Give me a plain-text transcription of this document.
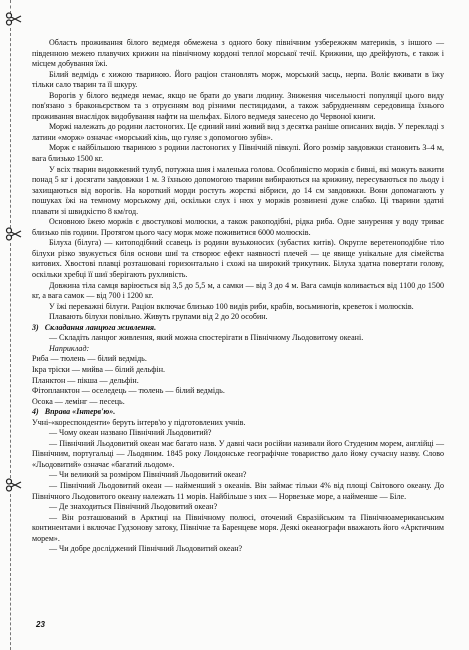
Область проживання білого ведмедя обмежена з одного боку північним узбережжям материків, з іншого — південною межею плавучих крижин на північному кордоні теплої морської течії. Крижини, що дрейфують, є також і місцем добування їжі.

Білий ведмідь є хижою твариною. Його раціон становлять морж, морський заєць, нерпа. Воліє вживати в їжу тільки сало тварин та її шкуру.

Ворогів у білого ведмедя немає, якщо не брати до уваги людину. Зниження чисельності популяції цього виду пов'язано з браконьєрством та з отруєнням вод різними пестицидами, а також забрудненням середовища їхнього проживання внаслідок видобування нафти на шельфах. Білого ведмедя занесено до Червоної книги.

Моржі належать до родини ластоногих. Це єдиний нині живий вид з десятка раніше описаних видів. У перекладі з латини «морж» означає «морський кінь, що гуляє з допомогою зубів».

Морж є найбільшою твариною з родини ластоногих у Північній півкулі. Його розмір завдовжки становить 3–4 м, вага близько 1500 кг.

У всіх тварин видовжений тулуб, потужна шия і маленька голова. Особливістю моржів є бивні, які можуть важити понад 5 кг і досягати завдовжки 1 м. З їхньою допомогою тварини вибираються на крижину, пересуваються по льоду і захищаються від ворогів. На короткий морди ростуть жорсткі вібриси, до 14 см завдовжки. Вони допомагають у пошуках їжі на темному морському дні, оскільки слух і нюх у моржів розвинені дуже слабко. Ці тварини здатні плавати зі швидкістю 8 км/год.

Основною їжею моржів є двостулкові молюски, а також ракоподібні, рідка риба. Одне занурення у воду триває близько пів години. Протягом цього часу морж може поживитися 6000 молюсків.

Білуха (білуга) — китоподібний ссавець із родини вузьконосих (зубастих китів). Округле веретеноподібне тіло білухи різко звужується біля основи шиї та створює ефект наявності плечей — це явище унікальне для сімейства китових. Хвостові плавці розташовані горизонтально і схожі на широкий трикутник. Білуха здатна повертати голову, оскільки хребці її шиї зберігають рухливість.

Довжина тіла самця варіюється від 3,5 до 5,5 м, а самки — від 3 до 4 м. Вага самців коливається від 1100 до 1500 кг, а вага самок — від 700 і 1200 кг.

У їжі переважні білуги. Раціон включає близько 100 видів риби, крабів, восьминогів, креветок і молюсків.

Плавають білухи повільно. Живуть групами від 2 до 20 особин.

3) Складання ланцюга живлення.

— Складіть ланцюг живлення, який можна спостерігати в Північному Льодовитому океані.

Наприклад:

Риба — тюлень — білий ведмідь.

Ікра тріски — мийва — білий дельфін.

Планктон — пікша — дельфін.

Фітопланктон — оселедець — тюлень — білий ведмідь.

Осока — лемінг — песець.

4) Вправа «Інтерв'ю».

Учні-«кореспонденти» беруть інтерв'ю у підготовлених учнів.

— Чому океан названо Північний Льодовитий?

— Північний Льодовитий океан має багато назв. У давні часи російни називали його Студеним морем, англійці — Північним, португальці — Льодяним. 1845 року Лондонське географічне товариство дало йому сучасну назву. Слово «Льодовитий» означає «багатий льодом».

— Чи великий за розміром Північний Льодовитий океан?

— Північний Льодовитий океан — найменший з океанів. Він займає тільки 4% від площі Світового океану. До Північного Льодовитого океану належать 11 морів. Найбільше з них — Норвезьке море, а найменше — Біле.

— Де знаходиться Північний Льодовитий океан?

— Він розташований в Арктиці на Північному полюсі, оточений Євразійським та Північноамериканським континентами і включає Гудзонову затоку, Північне та Баренцеве моря. Деякі океанографи вважають його «Арктичним морем».

— Чи добре досліджений Північний Льодовитий океан?

23
